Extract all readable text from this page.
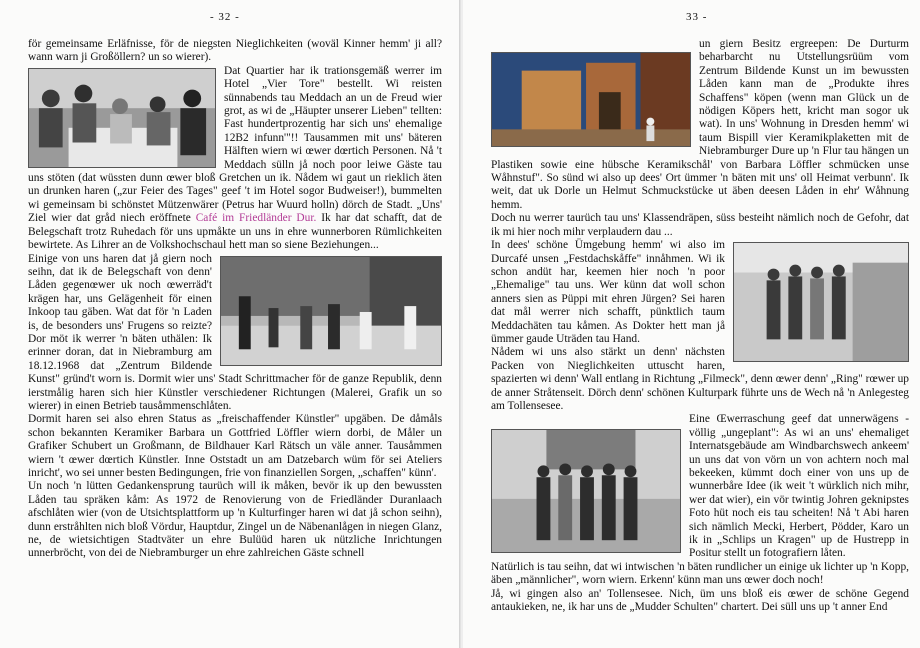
- 32 -

för gemeinsame Erläfnisse, för de niegsten Nieglichkeiten (woväl Kinner hemm' ji all? wann warn ji Großöllern? un so wierer).

Dat Quartier har ik trationsgemäß werrer im Hotel „Vier Tore" bestellt. Wi reisten sünnabends tau Meddach an un de Freud wier grot, as wi de „Häupter unserer Lieben" tellten: Fast hundertprozentig har sich uns' ehemalige 12B2 infunn'"!! Tausammen mit uns' bäteren Hälften wiern wi œwer dœrtich Personen. Nå 't Meddach sülln jå noch poor leiwe Gäste tau uns stöten (dat wüssten dunn œwer bloß Gretchen un ik. Nådem wi gaut un rieklich äten un drunken haren („zur Feier des Tages" geef 't im Hotel sogor Budweiser!), bummelten wi gemeinsam bi schönstet Mützenwärer (Petrus har Wuurd holln) dörch de Stadt. „Uns' Ziel wier dat gråd niech eröffnete Café im Friedländer Dur. Ik har dat schafft, dat de Belegschaft trotz Ruhedach för uns upmåkte un uns in ehre wunnerboren Rümlichkeiten bewirtete. As Lihrer an de Volkshochschaul hett man so siene Beziehungen...

Einige von uns haren dat jå giern noch seihn, dat ik de Belegschaft von denn' Låden gegenœwer uk noch œwerräd't krägen har, uns Gelägenheit för einen Inkoop tau gäben. Wat dat för 'n Laden is, de besonders uns' Frugens so reizte? Dor möt ik werrer 'n bäten uthälen: Ik erinner doran, dat in Niebramburg am 18.12.1968 dat „Zentrum Bildende Kunst" gründ't worn is. Dormit wier uns' Stadt Schrittmacher för de ganze Republik, denn ierstmålig haren sich hier Künstler verschiedener Richtungen (Malerei, Grafik un so wierer) in einen Betrieb tausåmmenschlåten.

Dormit haren sei also ehren Status as „freischaffender Künstler" upgäben. De dåmåls schon bekannten Keramiker Barbara un Gottfried Löffler wiern dorbi, de Måler un Grafiker Schubert un Großmann, de Bildhauer Karl Rätsch un väle anner. Tausåmmen wiern 't œwer dœrtich Künstler. Inne Oststadt un am Datzebarch wüm för sei Ateliers inricht', wo sei unner besten Bedingungen, frie von finanziellen Sorgen, „schaffen" künn'.

Un noch 'n lütten Gedankensprung taurüch will ik måken, bevör ik up den bewussten Låden tau spräken kåm: As 1972 de Renovierung von de Friedländer Duranlaach afschlåten wier (von de Utsichtsplattform up 'n Kulturfinger haren wi dat jå schon seihn), dunn erstråhlten nich bloß Vördur, Hauptdur, Zingel un de Näbenanlågen in niegen Glanz, ne, de wietsichtigen Stadtväter un ehre Bulüüd haren uk nützliche Inrichtungen unnerbröcht, von dei de Niebramburger un ehre zahlreichen Gäste schnell

33 -

un giern Besitz ergreepen: De Durturm beharbarcht nu Utstellungsrüüm vom Zentrum Bildende Kunst un im bewussten Låden kann man de „Produkte ihres Schaffens" köpen (wenn man Glück un de nödigen Köpers hett, kricht man sogor uk wat). In uns' Wohnung in Dresden hemm' wi taum Bispill vier Keramikplaketten mit de Niebramburger Dure up 'n Flur tau hängen un Plastiken sowie eine hübsche Keramikschål' von Barbara Löffler schmücken unse Wåhnstuf". So sünd wi also up dees' Ort ümmer 'n bäten mit uns' oll Heimat verbunn'. Ik weit, dat uk Dorle un Helmut Schmuckstücke ut äben deesen Låden in ehr' Wåhnung hemm.

Doch nu werrer taurüch tau uns' Klassendräpen, süss besteiht nämlich noch de Gefohr, dat ik mi hier noch mihr verplaudern dau ...

In dees' schöne Ümgebung hemm' wi also im Durcafé unsen „Festdachskåffe" innåhmen. Wi ik schon andüt har, keemen hier noch 'n poor „Ehemalige" tau uns. Wer künn dat woll schon anners sien as Püppi mit ehren Jürgen? Sei haren dat mål werrer nich schafft, pünktlich taum Meddachäten tau kåmen. As Dokter hett man jå ümmer gaude Uträden tau Hand.

Nådem wi uns also stärkt un denn' nächsten Packen von Nieglichkeiten uttuscht haren, spazierten wi denn' Wall entlang in Richtung „Filmeck", denn œwer denn' „Ring" rœwer up de anner Stråtenseit. Dörch denn' schönen Kulturpark führte uns de Wech nå 'n Anlegesteg am Tollensesee.

Eine Œwerraschung geef dat unnerwägens - völlig „ungeplant": As wi an uns' ehemaliget Internatsgebäude am Windbarchswech ankeem' un uns dat von vörn un von achtern noch mal bekeeken, kümmt doch einer von uns up de wunnerbåre Idee (ik weit 't würklich nich mihr, wer dat wier), ein vör twintig Johren geknipstes Foto hüt noch eis tau scheiten! Nå 't Abi haren sich nämlich Mecki, Herbert, Pödder, Karo un ik in „Schlips un Kragen" up de Hustrepp in Positur stellt un fotografiern låten.

Natürlich is tau seihn, dat wi intwischen 'n bäten rundlicher un einige uk lichter up 'n Kopp, äben „männlicher", worn wiern. Erkenn' künn man uns œwer doch noch!

Jå, wi gingen also an' Tollensesee. Nich, üm uns bloß eis œwer de schöne Gegend antaukieken, ne, ik har uns de „Mudder Schulten" chartert. Dei süll uns up 't anner End
